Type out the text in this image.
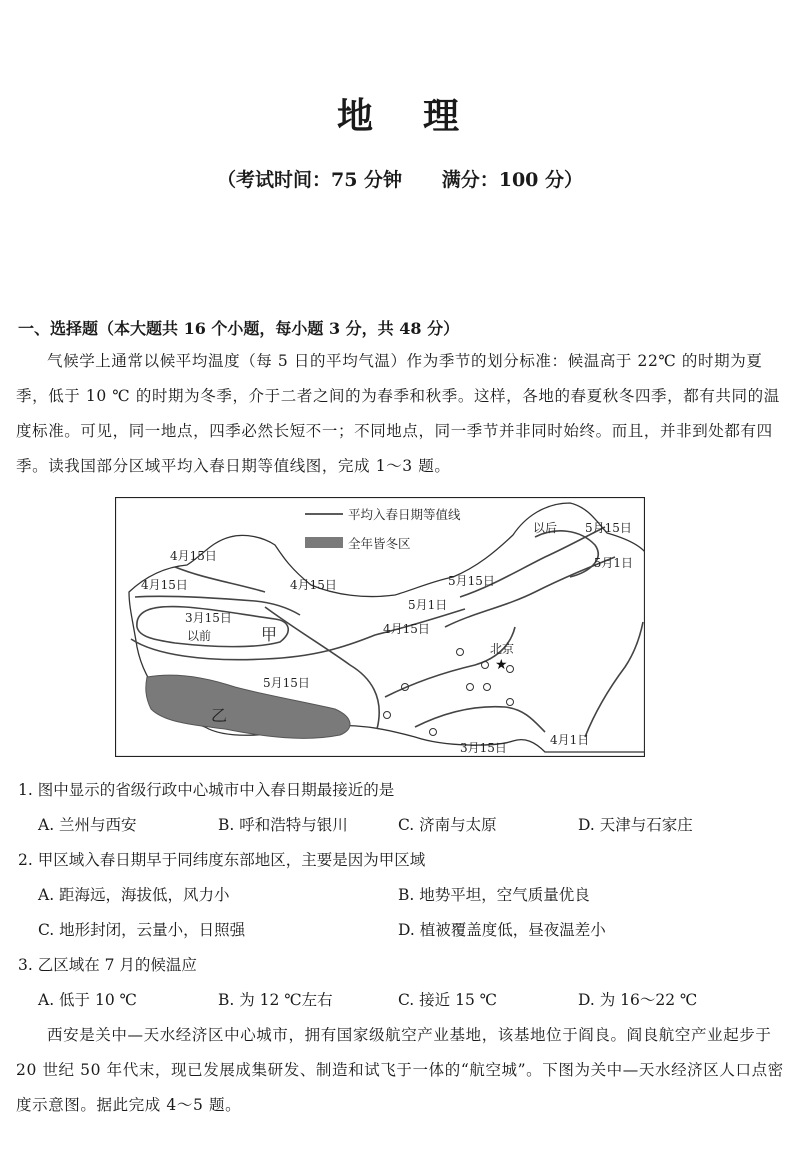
地 理
（考试时间：75 分钟      满分：100 分）
一、选择题（本大题共 16 个小题，每小题 3 分，共 48 分）

气候学上通常以候平均温度（每 5 日的平均气温）作为季节的划分标准：候温高于 22℃ 的时期为夏季，低于 10 ℃ 的时期为冬季，介于二者之间的为春季和秋季。这样，各地的春夏秋冬四季，都有共同的温度标准。可见，同一地点，四季必然长短不一；不同地点，同一季节并非同时始终。而且，并非到处都有四季。读我国部分区域平均入春日期等值线图，完成 1～3 题。

★
平均入春日期等值线
全年皆冬区
4月15日
4月15日	4月15日
4月15日
3月15日
以前	甲
乙
5月15日
以后 5月15日
5月1日
5月15日
5月1日
北京
3月15日
4月1日
1. 图中显示的省级行政中心城市中入春日期最接近的是
A. 兰州与西安	B. 呼和浩特与银川	C. 济南与太原	D. 天津与石家庄
2. 甲区域入春日期早于同纬度东部地区，主要是因为甲区域
A. 距海远，海拔低，风力小	B. 地势平坦，空气质量优良
C. 地形封闭，云量小，日照强	D. 植被覆盖度低，昼夜温差小
3. 乙区域在 7 月的候温应
A. 低于 10 ℃	B. 为 12 ℃左右	C. 接近 15 ℃	D. 为 16～22 ℃

西安是关中—天水经济区中心城市，拥有国家级航空产业基地，该基地位于阎良。阎良航空产业起步于 20 世纪 50 年代末，现已发展成集研发、制造和试飞于一体的“航空城”。下图为关中—天水经济区人口点密度示意图。据此完成 4～5 题。
